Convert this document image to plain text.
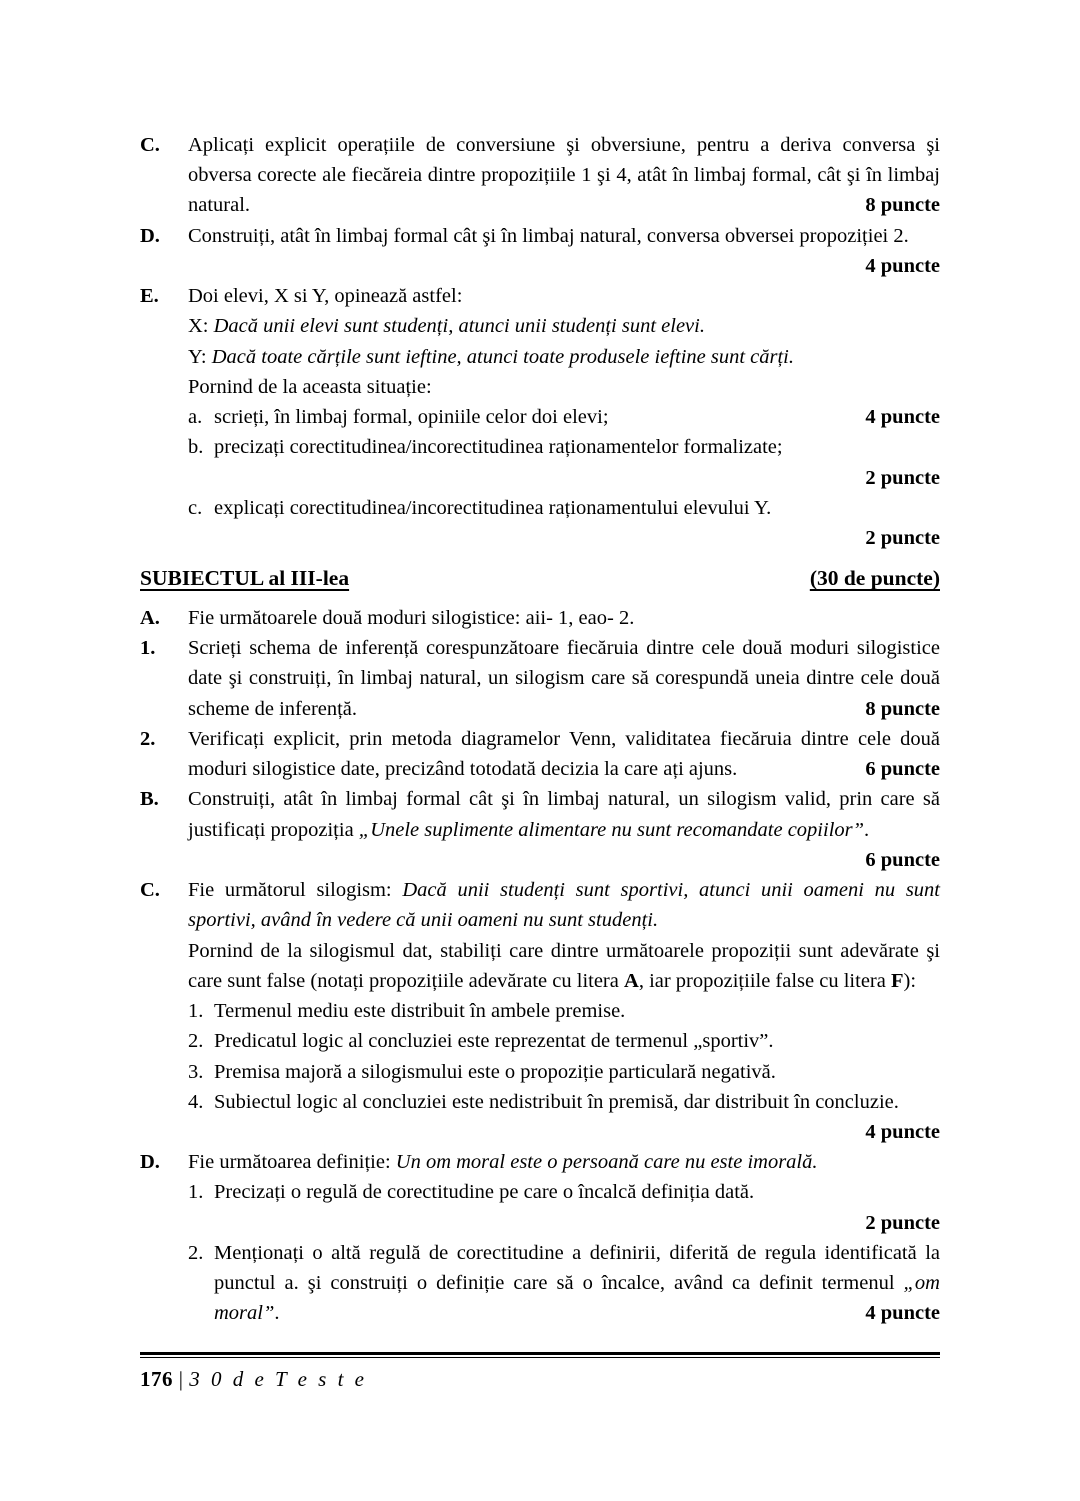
C.	Aplicați explicit operațiile de conversiune şi obversiune, pentru a deriva conversa şi obversa corecte ale fiecăreia dintre propozițiile 1 şi 4, atât în limbaj formal, cât şi în limbaj natural.	8 puncte
D.	Construiți, atât în limbaj formal cât şi în limbaj natural, conversa obversei propoziției 2.
4 puncte
E.	Doi elevi, X si Y, opinează astfel:
X: Dacă unii elevi sunt studenți, atunci unii studenți sunt elevi.
Y: Dacă toate cărțile sunt ieftine, atunci toate produsele ieftine sunt cărți.
Pornind de la aceasta situație:
a. scrieți, în limbaj formal, opiniile celor doi elevi;	4 puncte
b. precizați corectitudinea/incorectitudinea raționamentelor formalizate;
2 puncte
c. explicați corectitudinea/incorectitudinea raționamentului elevului Y.
2 puncte
SUBIECTUL al III-lea	(30 de puncte)
A.	Fie următoarele două moduri silogistice: aii- 1, eao- 2.
1.	Scrieți schema de inferență corespunzătoare fiecăruia dintre cele două moduri silogistice date şi construiți, în limbaj natural, un silogism care să corespundă uneia dintre cele două scheme de inferență.	8 puncte
2.	Verificați explicit, prin metoda diagramelor Venn, validitatea fiecăruia dintre cele două moduri silogistice date, precizând totodată decizia la care ați ajuns.	6 puncte
B.	Construiți, atât în limbaj formal cât şi în limbaj natural, un silogism valid, prin care să justificați propoziția „Unele suplimente alimentare nu sunt recomandate copiilor”.
6 puncte
C.	Fie următorul silogism: Dacă unii studenți sunt sportivi, atunci unii oameni nu sunt sportivi, având în vedere că unii oameni nu sunt studenți.
Pornind de la silogismul dat, stabiliți care dintre următoarele propoziții sunt adevărate şi care sunt false (notați propozițiile adevărate cu litera A, iar propozițiile false cu litera F):
1. Termenul mediu este distribuit în ambele premise.
2. Predicatul logic al concluziei este reprezentat de termenul „sportiv”.
3. Premisa majoră a silogismului este o propoziție particulară negativă.
4. Subiectul logic al concluziei este nedistribuit în premisă, dar distribuit în concluzie.
4 puncte
D.	Fie următoarea definiție: Un om moral este o persoană care nu este imorală.
1. Precizați o regulă de corectitudine pe care o încalcă definiția dată.
2 puncte
2. Menționați o altă regulă de corectitudine a definirii, diferită de regula identificată la punctul a. şi construiți o definiție care să o încalce, având ca definit termenul „om moral”.	4 puncte
176 | 3 0 d e T e s t e
